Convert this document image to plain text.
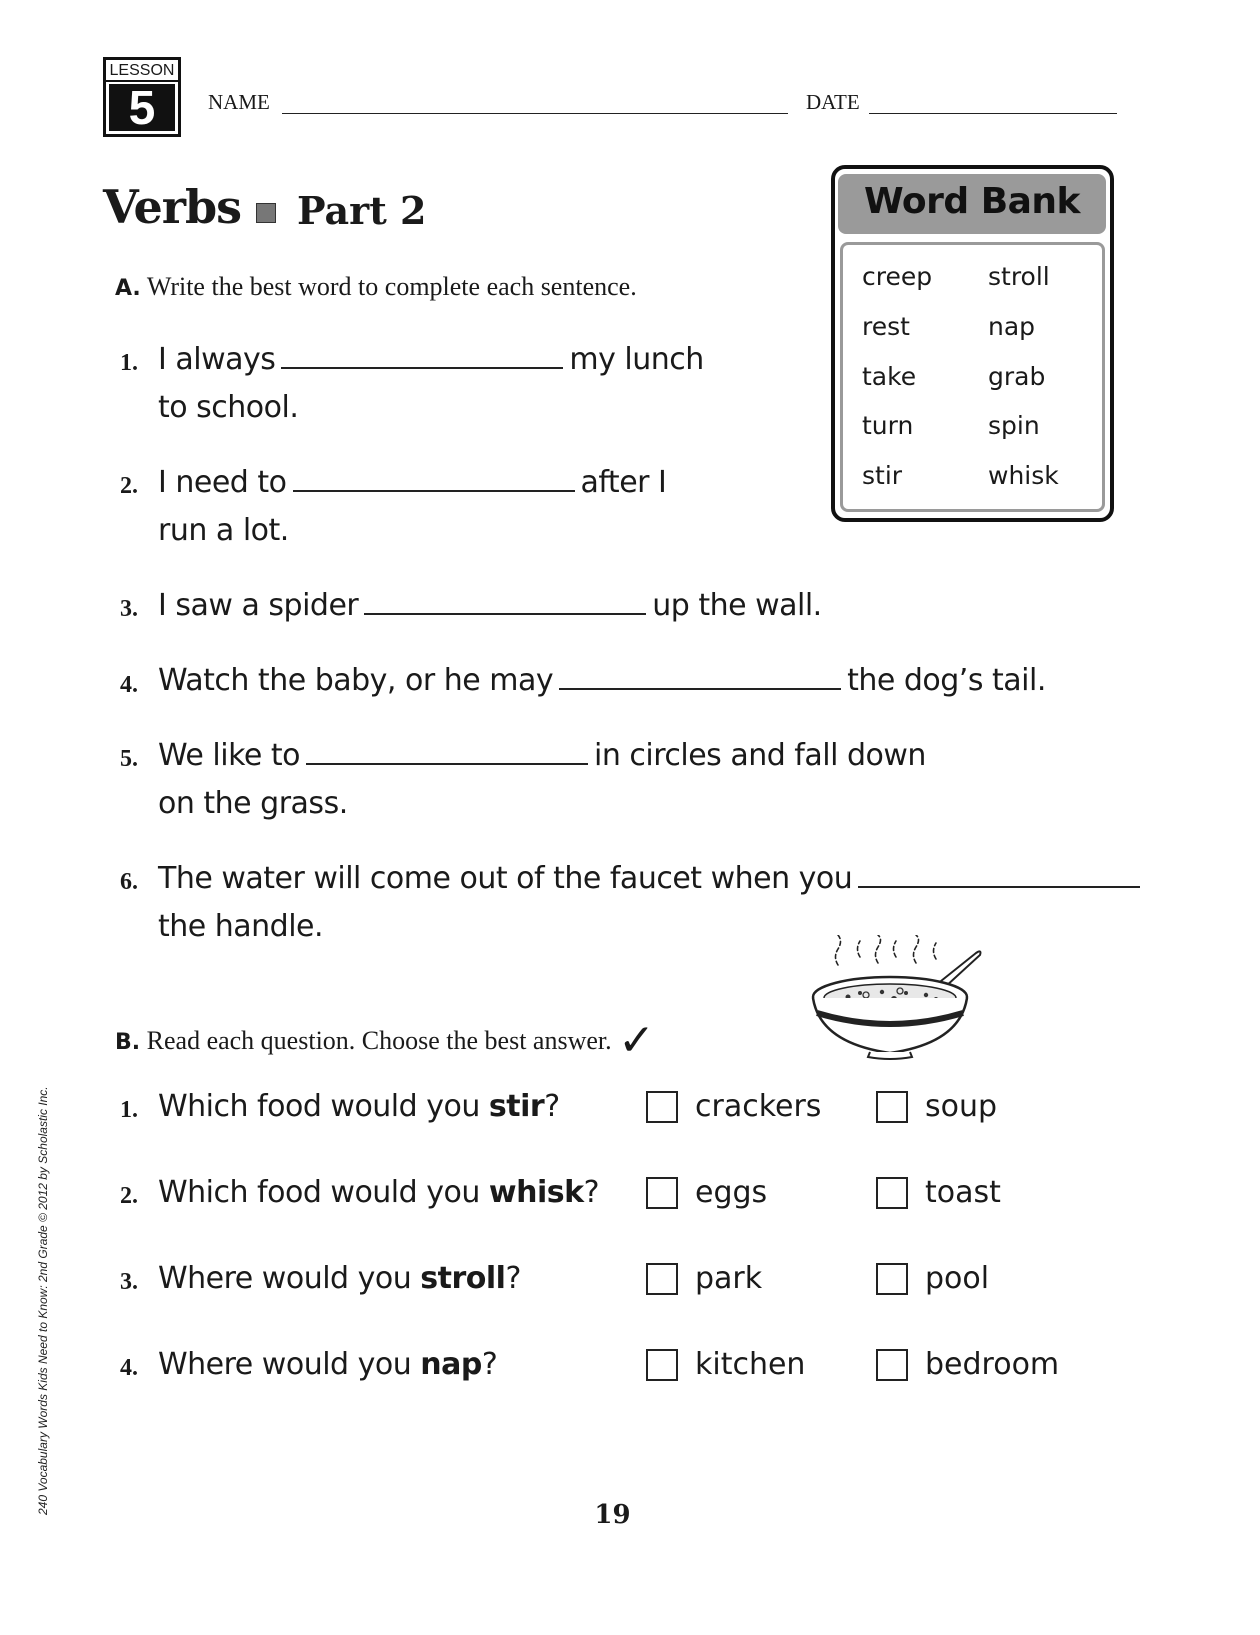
LESSON
5	NAME	DATE
Verbs Part 2	Word Bank
creep stroll
rest	nap
take	grab
turn	spin
stir	whisk
A. Write the best word to complete each sentence.
1. I always	my lunch
to school.
2. I need to	after I
run a lot.
3. I saw a spider	up the wall.
4. Watch the baby, or he may	the dog’s tail.
5. We like to	in circles and fall down
on the grass.
6. The water will come out of the faucet when you
the handle.
B. Read each question. Choose the best answer. ✓
1. Which food would you stir?	crackers	soup
2. Which food would you whisk?	eggs	toast
3. Where would you stroll?	park	pool
4. Where would you nap?	kitchen	bedroom
240 Vocabulary Words Kids Need to Know: 2nd Grade © 2012 by Scholastic Inc.	19
